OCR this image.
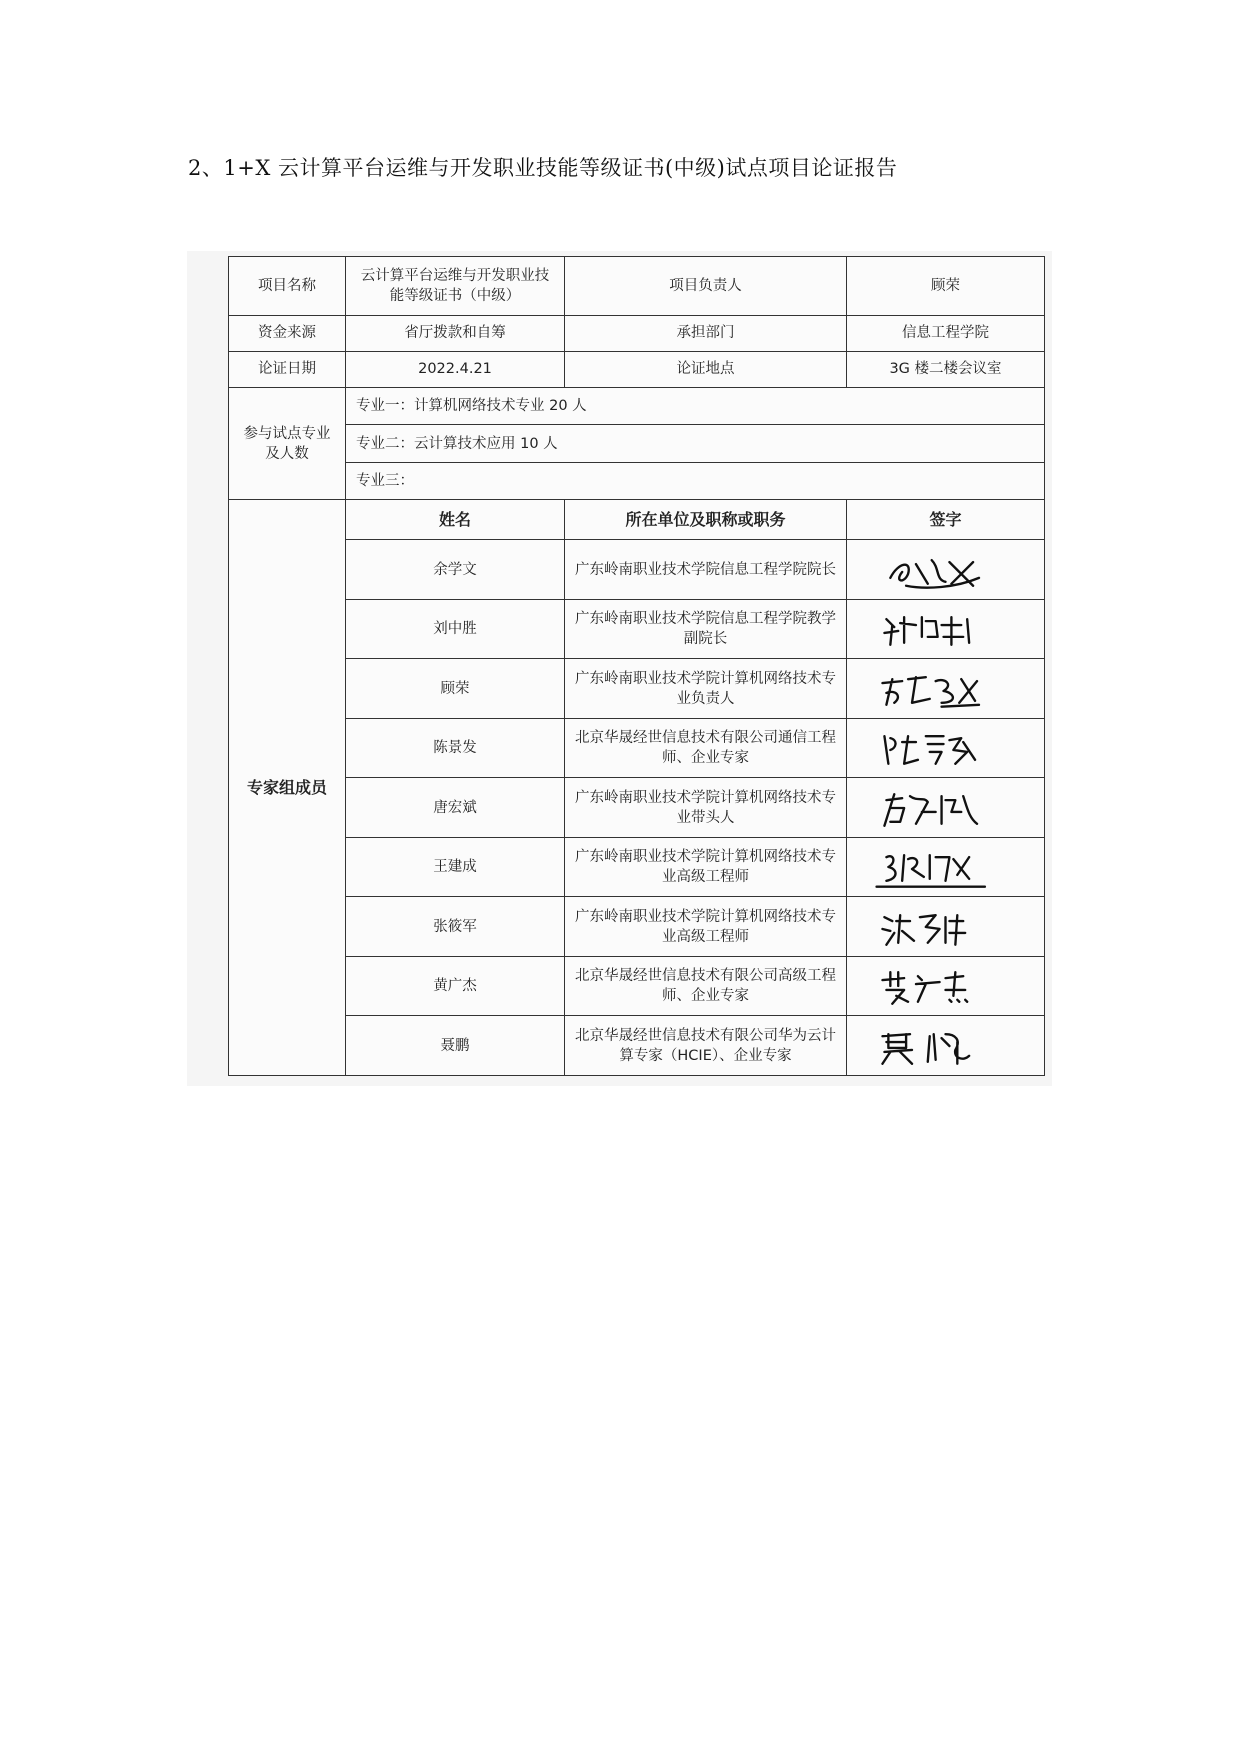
2、1+X 云计算平台运维与开发职业技能等级证书(中级)试点项目论证报告
项目名称	云计算平台运维与开发职业技能等级证书（中级）	项目负责人	顾荣
资金来源	省厅拨款和自筹	承担部门	信息工程学院
论证日期	2022.4.21	论证地点	3G 楼二楼会议室
参与试点专业及人数	专业一：计算机网络技术专业 20 人		
	专业二：云计算技术应用 10 人		
	专业三：		
专家组成员	姓名	所在单位及职称或职务	签字
	余学文	广东岭南职业技术学院信息工程学院院长	

	刘中胜	广东岭南职业技术学院信息工程学院教学副院长	

	顾荣	广东岭南职业技术学院计算机网络技术专业负责人	

	陈景发	北京华晟经世信息技术有限公司通信工程师、企业专家	

	唐宏斌	广东岭南职业技术学院计算机网络技术专业带头人	

	王建成	广东岭南职业技术学院计算机网络技术专业高级工程师	

	张筱军	广东岭南职业技术学院计算机网络技术专业高级工程师	

	黄广杰	北京华晟经世信息技术有限公司高级工程师、企业专家	

	聂鹏	北京华晟经世信息技术有限公司华为云计算专家（HCIE）、企业专家	
